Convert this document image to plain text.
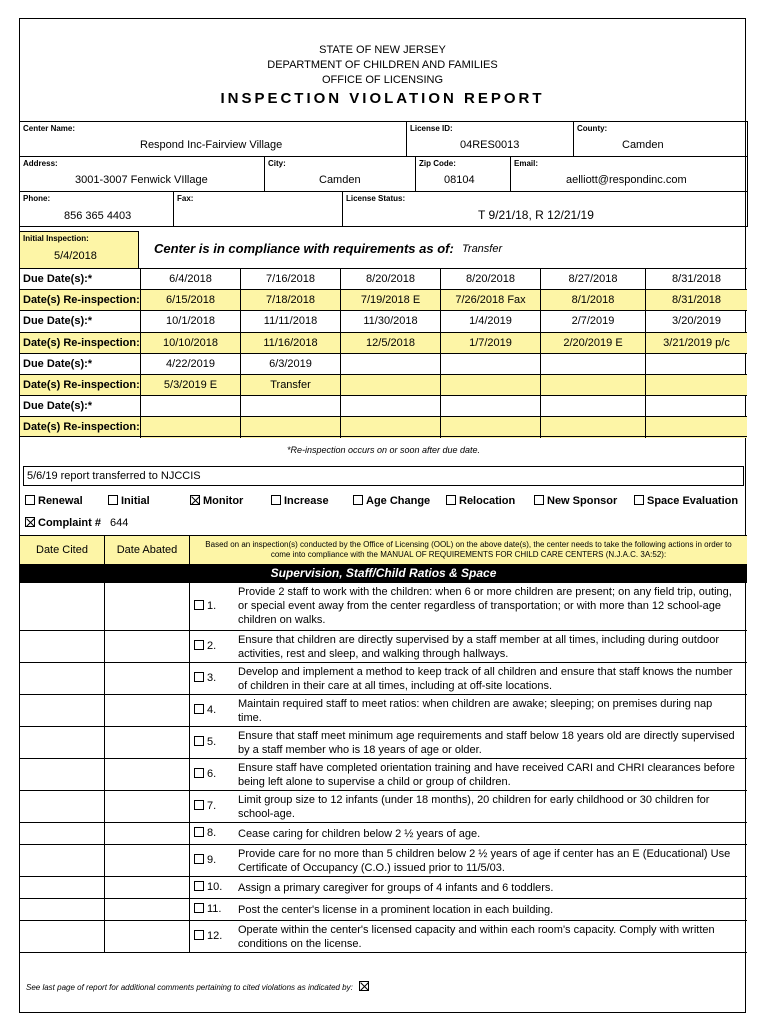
STATE OF NEW JERSEY
DEPARTMENT OF CHILDREN AND FAMILIES
OFFICE OF LICENSING
INSPECTION VIOLATION REPORT
Center Name:
Respond Inc-Fairview Village
License ID:
04RES0013
County:
Camden
Address:
3001-3007 Fenwick VIllage
City:
Camden
Zip Code:
08104
Email:
aelliott@respondinc.com
Phone:
856 365 4403
Fax:	License Status:
T 9/21/18, R 12/21/19
Initial Inspection:
5/4/2018	Center is in compliance with requirements as of: Transfer
Due Date(s):*	6/4/2018	7/16/2018	8/20/2018	8/20/2018	8/27/2018	8/31/2018
Date(s) Re-inspection:	6/15/2018	7/18/2018	7/19/2018 E	7/26/2018 Fax	8/1/2018	8/31/2018
Due Date(s):*	10/1/2018	11/11/2018	11/30/2018	1/4/2019	2/7/2019	3/20/2019
Date(s) Re-inspection:	10/10/2018	11/16/2018	12/5/2018	1/7/2019	2/20/2019 E	3/21/2019 p/c
Due Date(s):*	4/22/2019	6/3/2019
Date(s) Re-inspection:	5/3/2019 E	Transfer
Due Date(s):*
Date(s) Re-inspection:
*Re-inspection occurs on or soon after due date.
5/6/19 report transferred to NJCCIS
Renewal	Initial	Monitor	Increase	Age Change	Relocation	New Sponsor	Space Evaluation
Complaint # 644
Date Cited	Date Abated	Based on an inspection(s) conducted by the Office of Licensing (OOL) on the above date(s), the center needs to take the following actions in order to come into compliance with the MANUAL OF REQUIREMENTS FOR CHILD CARE CENTERS (N.J.A.C. 3A:52):
Supervision, Staff/Child Ratios & Space
1.
Provide 2 staff to work with the children: when 6 or more children are present; on any field trip, outing, or special event away from the center regardless of transportation; or with more than 12 school-age children on walks.
2. Ensure that children are directly supervised by a staff member at all times, including during outdoor activities, rest and sleep, and walking through hallways.
3. Develop and implement a method to keep track of all children and ensure that staff knows the number of children in their care at all times, including at off-site locations.
4. Maintain required staff to meet ratios: when children are awake; sleeping; on premises during nap time.
5. Ensure that staff meet minimum age requirements and staff below 18 years old are directly supervised by a staff member who is 18 years of age or older.
6. Ensure staff have completed orientation training and have received CARI and CHRI clearances before being left alone to supervise a child or group of children.
7. Limit group size to 12 infants (under 18 months), 20 children for early childhood or 30 children for school-age.
8. Cease caring for children below 2 ½ years of age.
9. Provide care for no more than 5 children below 2 ½ years of age if center has an E (Educational) Use Certificate of Occupancy (C.O.) issued prior to 11/5/03.
10. Assign a primary caregiver for groups of 4 infants and 6 toddlers.
11. Post the center's license in a prominent location in each building.
12. Operate within the center's licensed capacity and within each room's capacity. Comply with written conditions on the license.
See last page of report for additional comments pertaining to cited violations as indicated by:
